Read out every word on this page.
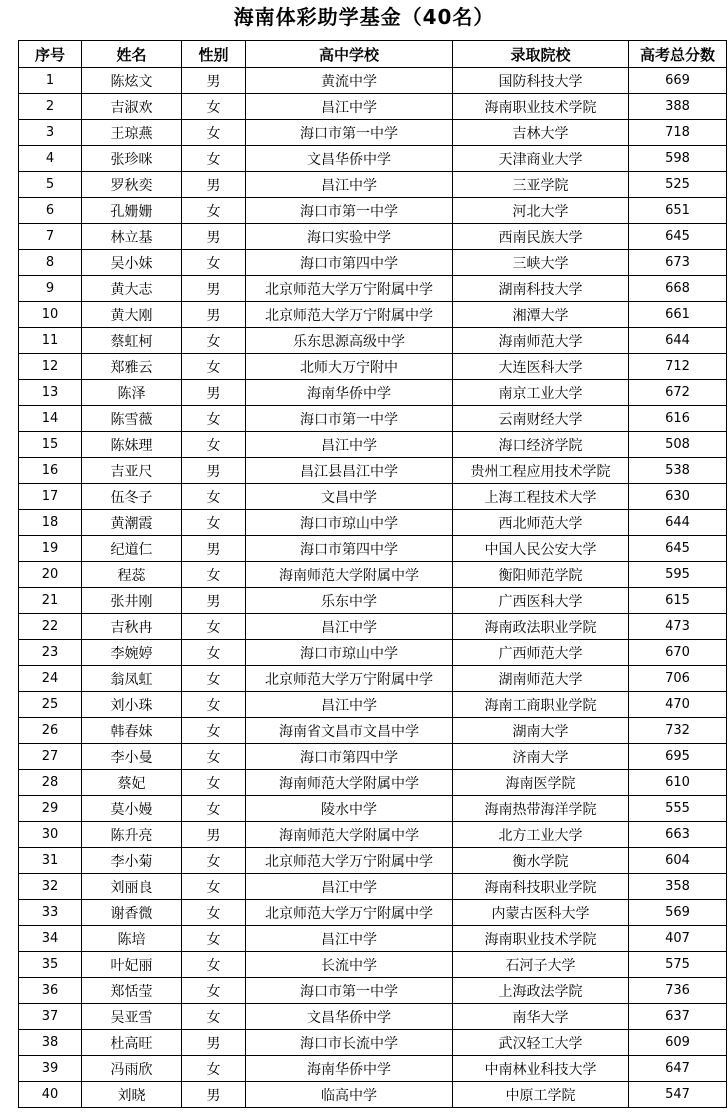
海南体彩助学基金（40名）
序号	姓名	性别	高中学校	录取院校	高考总分数
1	陈炫文	男	黄流中学	国防科技大学	669
2	吉淑欢	女	昌江中学	海南职业技术学院	388
3	王琼燕	女	海口市第一中学	吉林大学	718
4	张珍咪	女	文昌华侨中学	天津商业大学	598
5	罗秋奕	男	昌江中学	三亚学院	525
6	孔姗姗	女	海口市第一中学	河北大学	651
7	林立基	男	海口实验中学	西南民族大学	645
8	吴小妹	女	海口市第四中学	三峡大学	673
9	黄大志	男	北京师范大学万宁附属中学	湖南科技大学	668
10	黄大刚	男	北京师范大学万宁附属中学	湘潭大学	661
11	蔡虹柯	女	乐东思源高级中学	海南师范大学	644
12	郑雅云	女	北师大万宁附中	大连医科大学	712
13	陈泽	男	海南华侨中学	南京工业大学	672
14	陈雪薇	女	海口市第一中学	云南财经大学	616
15	陈妹理	女	昌江中学	海口经济学院	508
16	吉亚尺	男	昌江县昌江中学	贵州工程应用技术学院	538
17	伍冬子	女	文昌中学	上海工程技术大学	630
18	黄潮霞	女	海口市琼山中学	西北师范大学	644
19	纪道仁	男	海口市第四中学	中国人民公安大学	645
20	程蕊	女	海南师范大学附属中学	衡阳师范学院	595
21	张井刚	男	乐东中学	广西医科大学	615
22	吉秋冉	女	昌江中学	海南政法职业学院	473
23	李婉婷	女	海口市琼山中学	广西师范大学	670
24	翁凤虹	女	北京师范大学万宁附属中学	湖南师范大学	706
25	刘小珠	女	昌江中学	海南工商职业学院	470
26	韩春妹	女	海南省文昌市文昌中学	湖南大学	732
27	李小曼	女	海口市第四中学	济南大学	695
28	蔡妃	女	海南师范大学附属中学	海南医学院	610
29	莫小嫚	女	陵水中学	海南热带海洋学院	555
30	陈升亮	男	海南师范大学附属中学	北方工业大学	663
31	李小菊	女	北京师范大学万宁附属中学	衡水学院	604
32	刘丽良	女	昌江中学	海南科技职业学院	358
33	谢香微	女	北京师范大学万宁附属中学	内蒙古医科大学	569
34	陈培	女	昌江中学	海南职业技术学院	407
35	叶妃丽	女	长流中学	石河子大学	575
36	郑恬莹	女	海口市第一中学	上海政法学院	736
37	吴亚雪	女	文昌华侨中学	南华大学	637
38	杜高旺	男	海口市长流中学	武汉轻工大学	609
39	冯雨欣	女	海南华侨中学	中南林业科技大学	647
40	刘晓	男	临高中学	中原工学院	547
